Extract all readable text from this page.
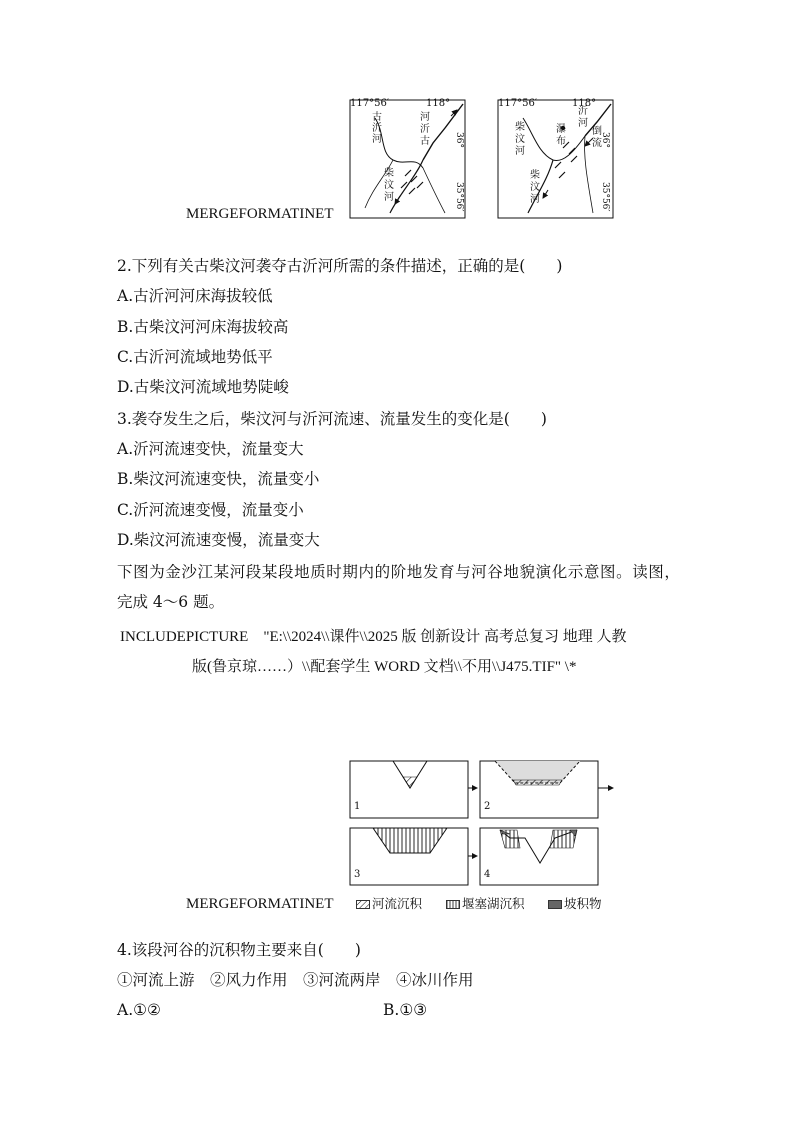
117°56′	118°
36°
35°56′
古
沂
河
河
沂
古
柴
汶
河
117°56′	118°
36°
35°56′
柴
汶
河
瀑
布
沂
河
倒
流
柴
汶
河
MERGEFORMATINET
2.下列有关古柴汶河袭夺古沂河所需的条件描述，正确的是(　　)
A.古沂河河床海拔较低
B.古柴汶河河床海拔较高
C.古沂河流域地势低平
D.古柴汶河流域地势陡峻
3.袭夺发生之后，柴汶河与沂河流速、流量发生的变化是(　　)
A.沂河流速变快，流量变大
B.柴汶河流速变快，流量变小
C.沂河流速变慢，流量变小
D.柴汶河流速变慢，流量变大
下图为金沙江某河段某段地质时期内的阶地发育与河谷地貌演化示意图。读图，
完成 4～6 题。
INCLUDEPICTURE　"E:\\2024\\课件\\2025 版 创新设计 高考总复习 地理 人教
版(鲁京琼……）\\配套学生 WORD 文档\\不用\\J475.TIF" \*
1	2
3	4
MERGEFORMATINET	河流沉积	堰塞湖沉积	坡积物
4.该段河谷的沉积物主要来自(　　)
①河流上游　②风力作用　③河流两岸　④冰川作用
A.①②	B.①③
